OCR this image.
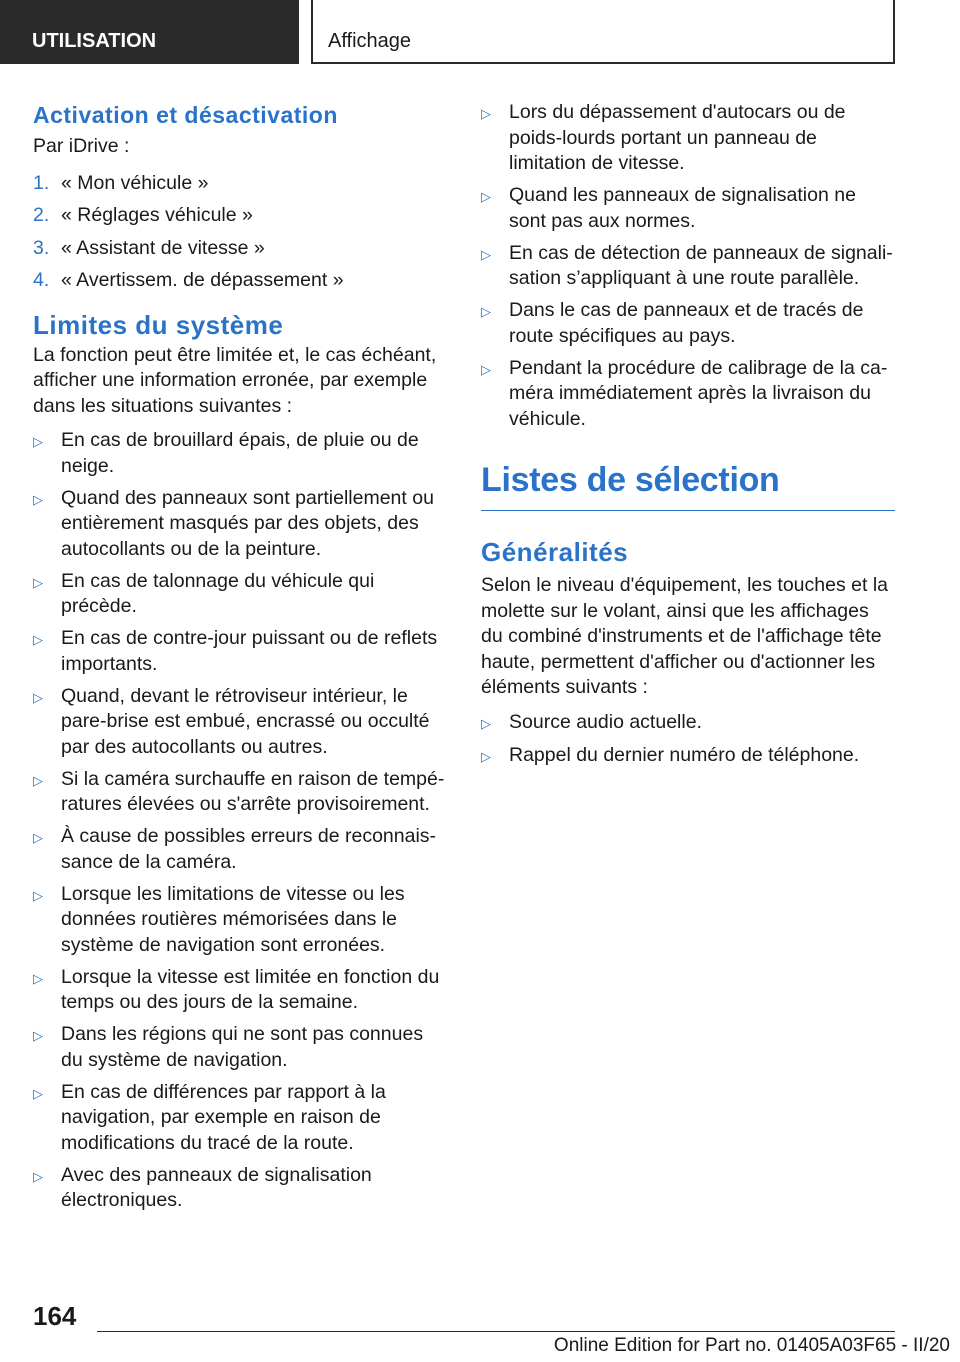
UTILISATION	Affichage
Activation et désactivation

Par iDrive :

1. « Mon véhicule »
2. « Réglages véhicule »
3. « Assistant de vitesse »
4. « Avertissem. de dépassement »
Limites du système

La fonction peut être limitée et, le cas échéant, afficher une information erronée, par exemple dans les situations suivantes :

▷ En cas de brouillard épais, de pluie ou de neige.
▷ Quand des panneaux sont partiellement ou entièrement masqués par des objets, des autocollants ou de la peinture.
▷ En cas de talonnage du véhicule qui précède.
▷ En cas de contre-jour puissant ou de reflets importants.
▷ Quand, devant le rétroviseur intérieur, le pare-brise est embué, encrassé ou occulté par des autocollants ou autres.
▷ Si la caméra surchauffe en raison de températures élevées ou s'arrête provisoirement.
▷ À cause de possibles erreurs de reconnaissance de la caméra.
▷ Lorsque les limitations de vitesse ou les données routières mémorisées dans le système de navigation sont erronées.
▷ Lorsque la vitesse est limitée en fonction du temps ou des jours de la semaine.
▷ Dans les régions qui ne sont pas connues du système de navigation.
▷ En cas de différences par rapport à la navigation, par exemple en raison de modifications du tracé de la route.
▷ Avec des panneaux de signalisation électroniques.
▷ Lors du dépassement d'autocars ou de poids-lourds portant un panneau de limitation de vitesse.
▷ Quand les panneaux de signalisation ne sont pas aux normes.
▷ En cas de détection de panneaux de signalisation s’appliquant à une route parallèle.
▷ Dans le cas de panneaux et de tracés de route spécifiques au pays.
▷ Pendant la procédure de calibrage de la caméra immédiatement après la livraison du véhicule.
Listes de sélection
Généralités

Selon le niveau d'équipement, les touches et la molette sur le volant, ainsi que les affichages du combiné d'instruments et de l'affichage tête haute, permettent d'afficher ou d'actionner les éléments suivants :

▷ Source audio actuelle.
▷ Rappel du dernier numéro de téléphone.
164
Online Edition for Part no. 01405A03F65 - II/20
